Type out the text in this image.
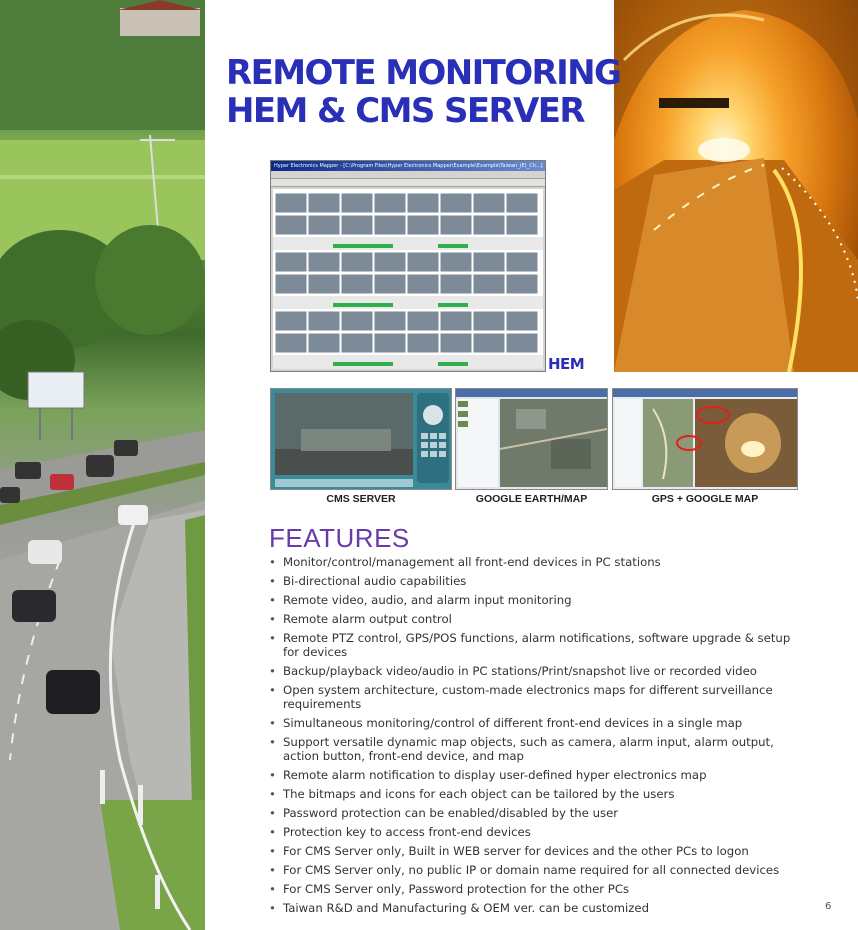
REMOTE MONITORING
HEM & CMS SERVER
Hyper Electronics Mapper - [C:\Program Files\Hyper Electronics Mapper\Example\Example\Taiwan_(E)_Ch...]
HEM
CMS SERVER	GOOGLE EARTH/MAP	GPS + GOOGLE MAP
FEATURES
• Monitor/control/management all front-end devices in PC stations
• Bi-directional audio capabilities
• Remote video, audio, and alarm input monitoring
• Remote alarm output control
• Remote PTZ control, GPS/POS functions, alarm notifications, software upgrade & setup for devices
• Backup/playback video/audio in PC stations/Print/snapshot live or recorded video
• Open system architecture, custom-made electronics maps for different surveillance requirements
• Simultaneous monitoring/control of different front-end devices in a single map
• Support versatile dynamic map objects, such as camera, alarm input, alarm output, action button, front-end device, and map
• Remote alarm notification to display user-defined hyper electronics map
• The bitmaps and icons for each object can be tailored by the users
• Password protection can be enabled/disabled by the user
• Protection key to access front-end devices
• For CMS Server only, Built in WEB server for devices and the other PCs to logon
• For CMS Server only, no public IP or domain name required for all connected devices
• For CMS Server only, Password protection for the other PCs
• Taiwan R&D and Manufacturing & OEM ver. can be customized	6
